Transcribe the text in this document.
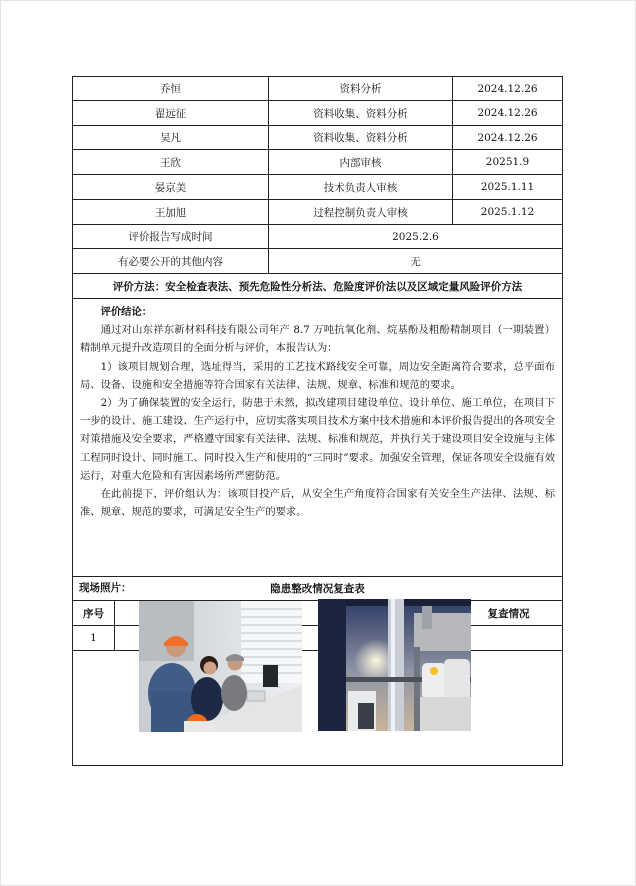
乔恒	资料分析	2024.12.26
翟远征	资料收集、资料分析	2024.12.26
吴凡	资料收集、资料分析	2024.12.26
王欣	内部审核	20251.9
晏京美	技术负责人审核	2025.1.11
王加旭	过程控制负责人审核	2025.1.12
评价报告写成时间	2025.2.6
有必要公开的其他内容	无
评价方法：安全检查表法、预先危险性分析法、危险度评价法以及区域定量风险评价方法
评价结论：

通过对山东祥东新材料科技有限公司年产 8.7 万吨抗氧化剂、烷基酚及粗酚精制项目（一期装置）精制单元提升改造项目的全面分析与评价，本报告认为：

1）该项目规划合理，选址得当，采用的工艺技术路线安全可靠，周边安全距离符合要求，总平面布局、设备、设施和安全措施等符合国家有关法律、法规、规章、标准和规范的要求。

2）为了确保装置的安全运行，防患于未然，拟改建项目建设单位、设计单位、施工单位，在项目下一步的设计、施工建设、生产运行中，应切实落实项目技术方案中技术措施和本评价报告提出的各项安全对策措施及安全要求，严格遵守国家有关法律、法规、标准和规范，并执行关于建设项目安全设施与主体工程同时设计、同时施工、同时投入生产和使用的“三同时”要求。加强安全管理，保证各项安全设施有效运行，对重大危险和有害因素场所严密防范。

在此前提下，评价组认为：该项目投产后，从安全生产角度符合国家有关安全生产法律、法规、标准、规章、规范的要求，可满足安全生产的要求。

隐患整改情况复查表
序号	复查情况
1
现场照片：
